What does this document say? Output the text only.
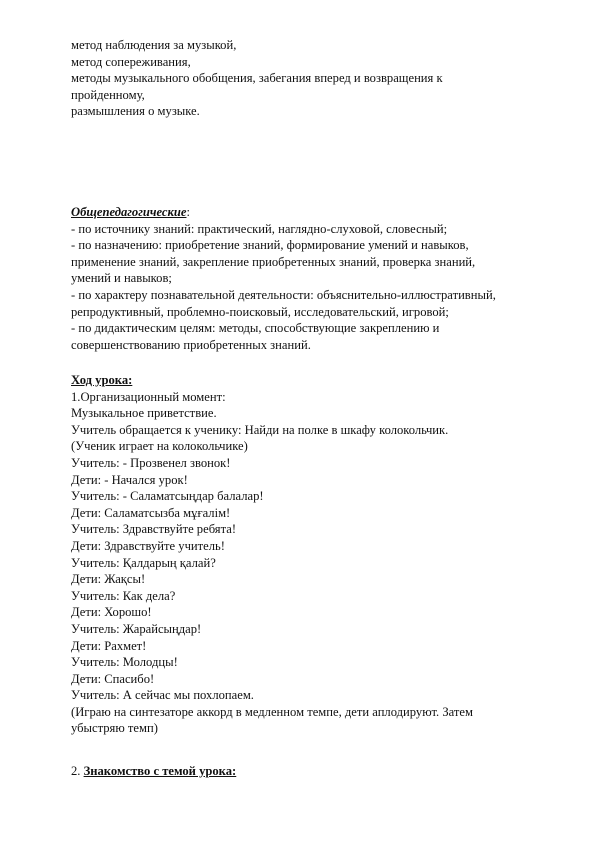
метод наблюдения за музыкой,
метод сопереживания,
методы музыкального обобщения, забегания вперед и возвращения к
пройденному,
размышления о музыке.
Общепедагогические:
- по источнику знаний: практический, наглядно-слуховой, словесный;
- по назначению: приобретение знаний, формирование умений и навыков,
применение знаний, закрепление приобретенных знаний, проверка знаний,
умений и навыков;
- по характеру познавательной деятельности: объяснительно-иллюстративный,
репродуктивный, проблемно-поисковый, исследовательский, игровой;
- по дидактическим целям: методы, способствующие закреплению и
совершенствованию приобретенных знаний.
Ход урока:
1.Организационный момент:
Музыкальное приветствие.
Учитель обращается к ученику: Найди на полке в шкафу колокольчик.
(Ученик играет на колокольчике)
Учитель: - Прозвенел звонок!
Дети: - Начался урок!
Учитель: - Саламатсыңдар балалар!
Дети: Саламатсызба мұғалім!
Учитель: Здравствуйте ребята!
Дети: Здравствуйте учитель!
Учитель: Қалдарың қалай?
Дети: Жақсы!
Учитель: Как дела?
Дети: Хорошо!
Учитель: Жарайсыңдар!
Дети: Рахмет!
Учитель: Молодцы!
Дети: Спасибо!
Учитель: А сейчас мы похлопаем.
(Играю на синтезаторе аккорд в медленном темпе, дети аплодируют. Затем
убыстряю темп)
2. Знакомство с темой урока:
